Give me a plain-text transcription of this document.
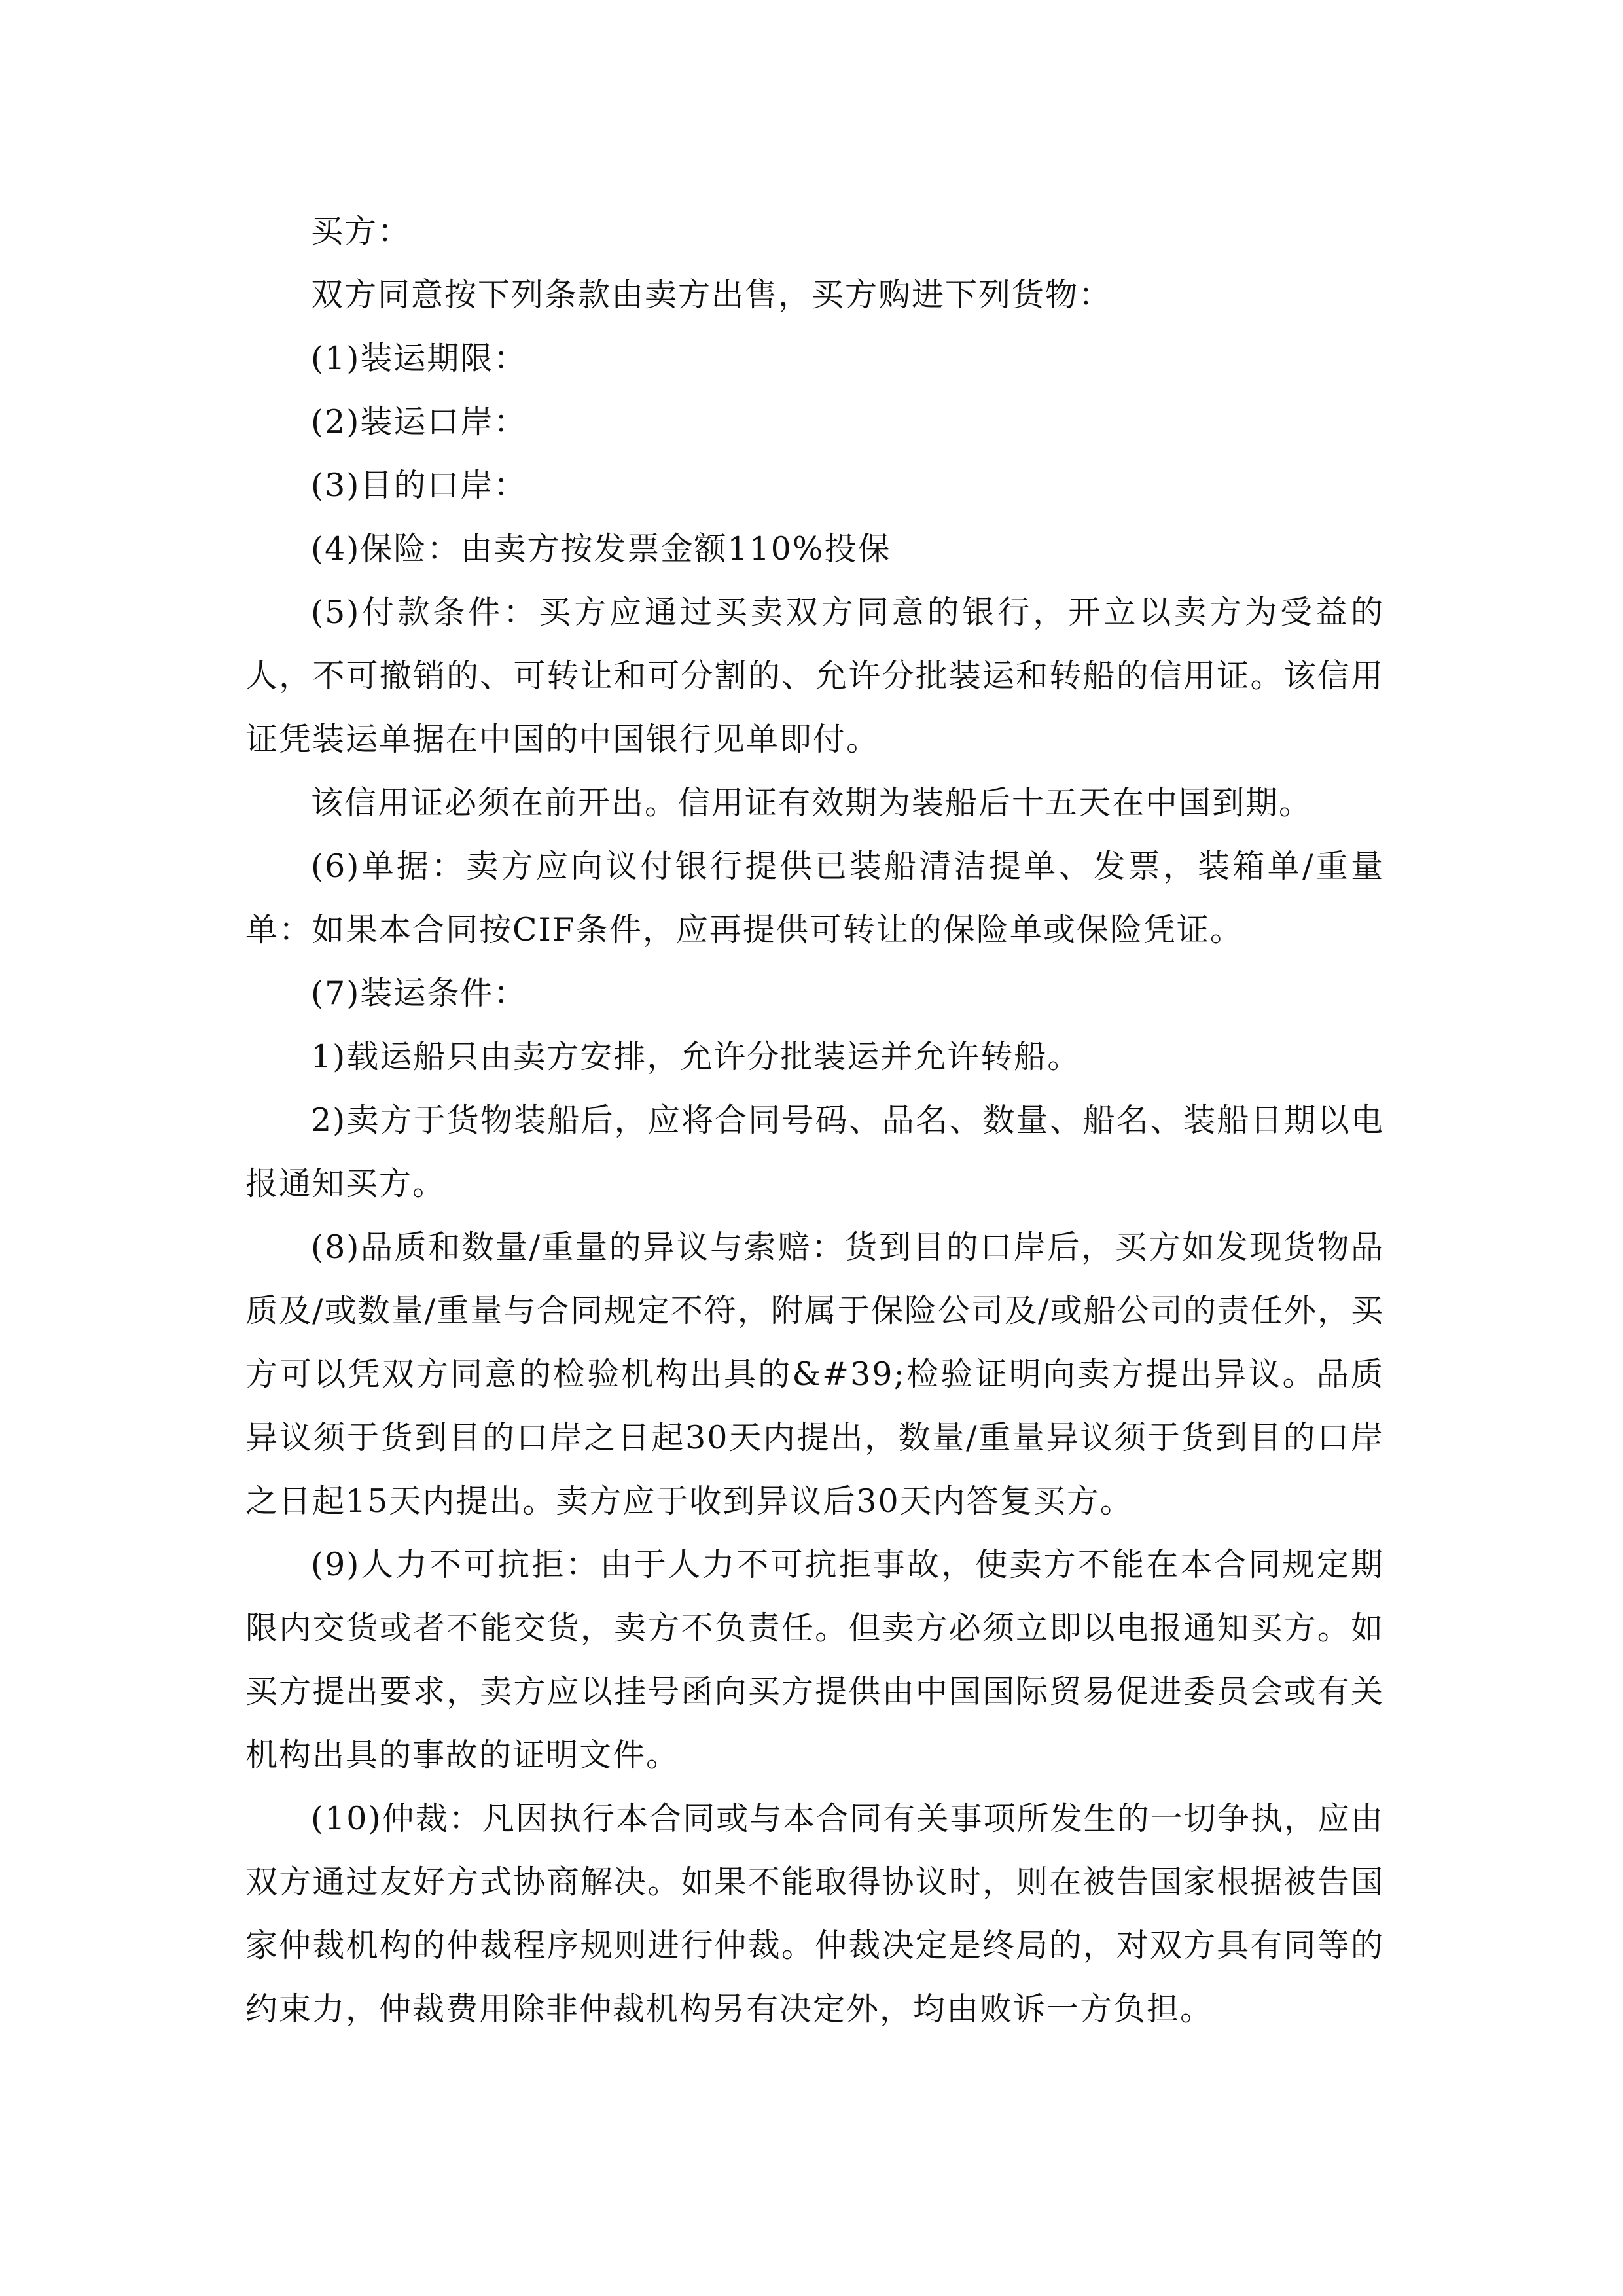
买方：

双方同意按下列条款由卖方出售，买方购进下列货物：

(1)装运期限：

(2)装运口岸：

(3)目的口岸：

(4)保险：由卖方按发票金额110%投保

(5)付款条件：买方应通过买卖双方同意的银行，开立以卖方为受益的人，不可撤销的、可转让和可分割的、允许分批装运和转船的信用证。该信用证凭装运单据在中国的中国银行见单即付。

该信用证必须在前开出。信用证有效期为装船后十五天在中国到期。

(6)单据：卖方应向议付银行提供已装船清洁提单、发票，装箱单/重量单：如果本合同按CIF条件，应再提供可转让的保险单或保险凭证。

(7)装运条件：

1)载运船只由卖方安排，允许分批装运并允许转船。

2)卖方于货物装船后，应将合同号码、品名、数量、船名、装船日期以电报通知买方。

(8)品质和数量/重量的异议与索赔：货到目的口岸后，买方如发现货物品质及/或数量/重量与合同规定不符，附属于保险公司及/或船公司的责任外，买方可以凭双方同意的检验机构出具的&#39;检验证明向卖方提出异议。品质异议须于货到目的口岸之日起30天内提出，数量/重量异议须于货到目的口岸之日起15天内提出。卖方应于收到异议后30天内答复买方。

(9)人力不可抗拒：由于人力不可抗拒事故，使卖方不能在本合同规定期限内交货或者不能交货，卖方不负责任。但卖方必须立即以电报通知买方。如买方提出要求，卖方应以挂号函向买方提供由中国国际贸易促进委员会或有关机构出具的事故的证明文件。

(10)仲裁：凡因执行本合同或与本合同有关事项所发生的一切争执，应由双方通过友好方式协商解决。如果不能取得协议时，则在被告国家根据被告国家仲裁机构的仲裁程序规则进行仲裁。仲裁决定是终局的，对双方具有同等的约束力，仲裁费用除非仲裁机构另有决定外，均由败诉一方负担。
